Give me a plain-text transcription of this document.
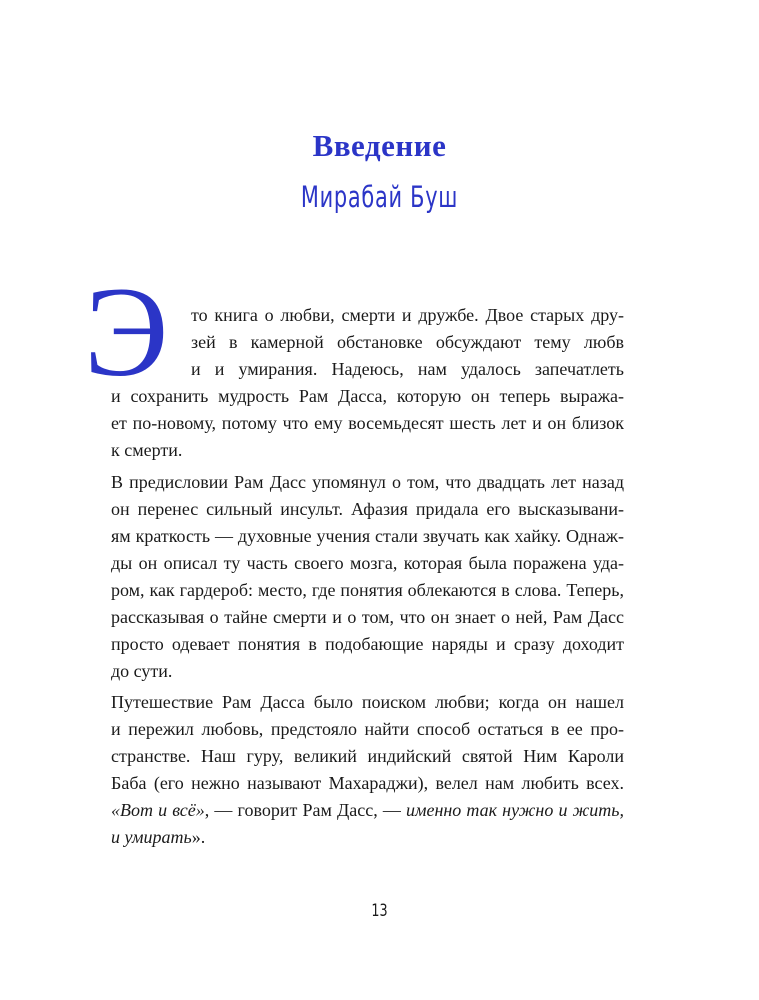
Введение
Мирабай Буш
Э то книга о любви, смерти и дружбе. Двое старых дру-
зей в камерной обстановке обсуждают тему любв
и и умирания. Надеюсь, нам удалось запечатлеть
и сохранить мудрость Рам Дасса, которую он теперь выража-
ет по-новому, потому что ему восемьдесят шесть лет и он близок
к смерти.
В предисловии Рам Дасс упомянул о том, что двадцать лет назад
он перенес сильный инсульт. Афазия придала его высказывани-
ям краткость — духовные учения стали звучать как хайку. Однаж-
ды он описал ту часть своего мозга, которая была поражена уда-
ром, как гардероб: место, где понятия облекаются в слова. Теперь,
рассказывая о тайне смерти и о том, что он знает о ней, Рам Дасс
просто одевает понятия в подобающие наряды и сразу доходит
до сути.
Путешествие Рам Дасса было поиском любви; когда он нашел
и пережил любовь, предстояло найти способ остаться в ее про-
странстве. Наш гуру, великий индийский святой Ним Кароли
Баба (его нежно называют Махараджи), велел нам любить всех.
«Вот и всё», — говорит Рам Дасс, — именно так нужно и жить,
и умирать».
13
